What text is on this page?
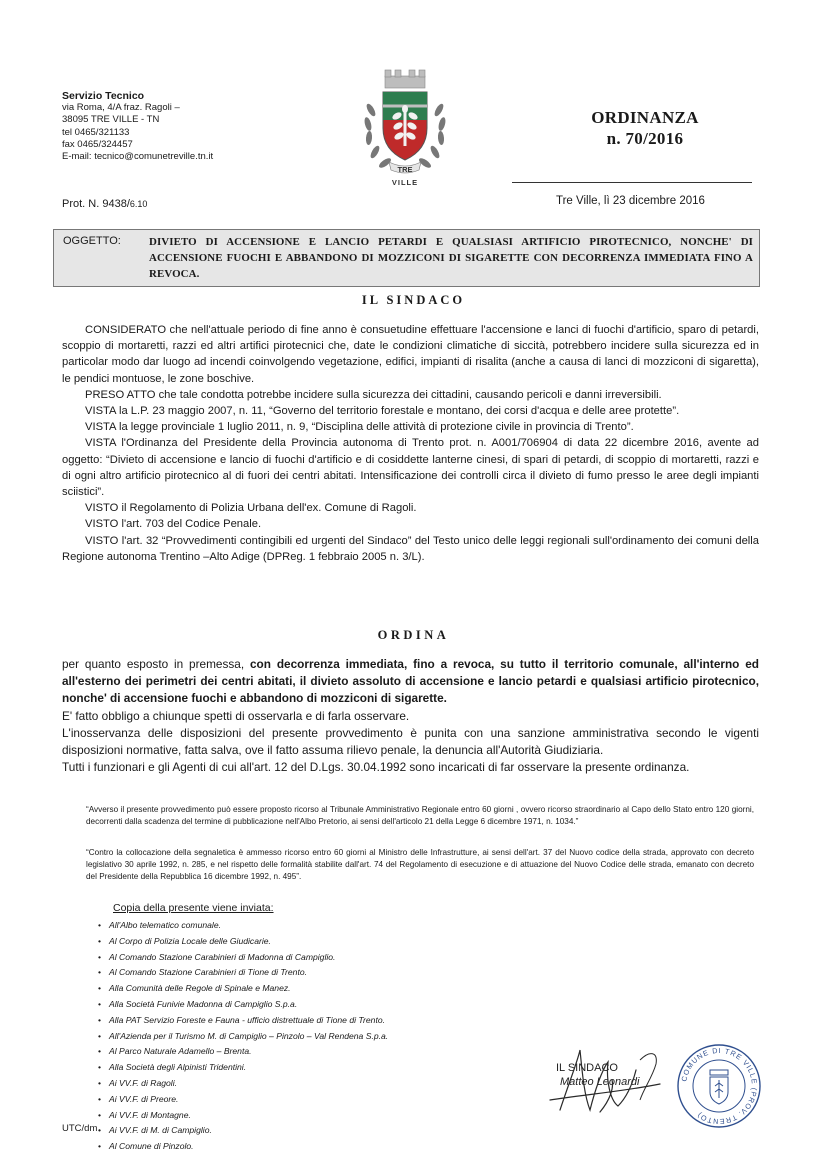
Servizio Tecnico
via Roma, 4/A fraz. Ragoli –
38095 TRE VILLE - TN
tel 0465/321133
fax 0465/324457
E-mail: tecnico@comunetreville.tn.it
TRE
VILLE
ORDINANZA
n. 70/2016
Prot. N. 9438/6.10	Tre Ville, lì 23 dicembre 2016
OGGETTO:	DIVIETO DI ACCENSIONE E LANCIO PETARDI E QUALSIASI ARTIFICIO PIROTECNICO, NONCHE' DI ACCENSIONE FUOCHI E ABBANDONO DI MOZZICONI DI SIGARETTE CON DECORRENZA IMMEDIATA FINO A REVOCA.
IL SINDACO

CONSIDERATO che nell'attuale periodo di fine anno è consuetudine effettuare l'accensione e lanci di fuochi d'artificio, sparo di petardi, scoppio di mortaretti, razzi ed altri artifici pirotecnici che, date le condizioni climatiche di siccità, potrebbero incidere sulla sicurezza ed in particolar modo dar luogo ad incendi coinvolgendo vegetazione, edifici, impianti di risalita (anche a causa di lanci di mozziconi di sigaretta), le pendici montuose, le zone boschive.

PRESO ATTO che tale condotta potrebbe incidere sulla sicurezza dei cittadini, causando pericoli e danni irreversibili.

VISTA la L.P. 23 maggio 2007, n. 11, “Governo del territorio forestale e montano, dei corsi d'acqua e delle aree protette”.

VISTA la legge provinciale 1 luglio 2011, n. 9, “Disciplina delle attività di protezione civile in provincia di Trento”.

VISTA l'Ordinanza del Presidente della Provincia autonoma di Trento prot. n. A001/706904 di data 22 dicembre 2016, avente ad oggetto: “Divieto di accensione e lancio di fuochi d'artificio e di cosiddette lanterne cinesi, di spari di petardi, di scoppio di mortaretti, razzi e di ogni altro artificio pirotecnico al di fuori dei centri abitati. Intensificazione dei controlli circa il divieto di fumo presso le aree degli impianti sciistici”.

VISTO il Regolamento di Polizia Urbana dell'ex. Comune di Ragoli.

VISTO l'art. 703 del Codice Penale.

VISTO l'art. 32 “Provvedimenti contingibili ed urgenti del Sindaco” del Testo unico delle leggi regionali sull'ordinamento dei comuni della Regione autonoma Trentino –Alto Adige (DPReg. 1 febbraio 2005 n. 3/L).

ORDINA

per quanto esposto in premessa, con decorrenza immediata, fino a revoca, su tutto il territorio comunale, all'interno ed all'esterno dei perimetri dei centri abitati, il divieto assoluto di accensione e lancio petardi e qualsiasi artificio pirotecnico, nonche' di accensione fuochi e abbandono di mozziconi di sigarette.

E' fatto obbligo a chiunque spetti di osservarla e di farla osservare.

L'inosservanza delle disposizioni del presente provvedimento è punita con una sanzione amministrativa secondo le vigenti disposizioni normative, fatta salva, ove il fatto assuma rilievo penale, la denuncia all'Autorità Giudiziaria.

Tutti i funzionari e gli Agenti di cui all'art. 12 del D.Lgs. 30.04.1992 sono incaricati di far osservare la presente ordinanza.

“Avverso il presente provvedimento può essere proposto ricorso al Tribunale Amministrativo Regionale entro 60 giorni , ovvero ricorso straordinario al Capo dello Stato entro 120 giorni, decorrenti dalla scadenza del termine di pubblicazione nell'Albo Pretorio, ai sensi dell'articolo 21 della Legge 6 dicembre 1971, n. 1034.”
“Contro la collocazione della segnaletica è ammesso ricorso entro 60 giorni al Ministro delle Infrastrutture, ai sensi dell'art. 37 del Nuovo codice della strada, approvato con decreto legislativo 30 aprile 1992, n. 285, e nel rispetto delle formalità stabilite dall'art. 74 del Regolamento di esecuzione e di attuazione del Nuovo Codice delle strada, emanato con decreto del Presidente della Repubblica 16 dicembre 1992, n. 495”.
Copia della presente viene inviata:
• All'Albo telematico comunale.
• Al Corpo di Polizia Locale delle Giudicarie.
• Al Comando Stazione Carabinieri di Madonna di Campiglio.
• Al Comando Stazione Carabinieri di Tione di Trento.
• Alla Comunità delle Regole di Spinale e Manez.
• Alla Società Funivie Madonna di Campiglio S.p.a.
• Alla PAT Servizio Foreste e Fauna - ufficio distrettuale di Tione di Trento.
• All'Azienda per il Turismo M. di Campiglio – Pinzolo – Val Rendena S.p.a.
• Al Parco Naturale Adamello – Brenta.
• Alla Società degli Alpinisti Tridentini.
• Ai VV.F. di Ragoli.
• Ai VV.F. di Preore.
• Ai VV.F. di Montagne.
• Ai VV.F. di M. di Campiglio.
• Al Comune di Pinzolo.
UTC/dm
IL SINDACO
Matteo Leonardi	COMUNE DI TRE VILLE (PROV. TRENTO)
